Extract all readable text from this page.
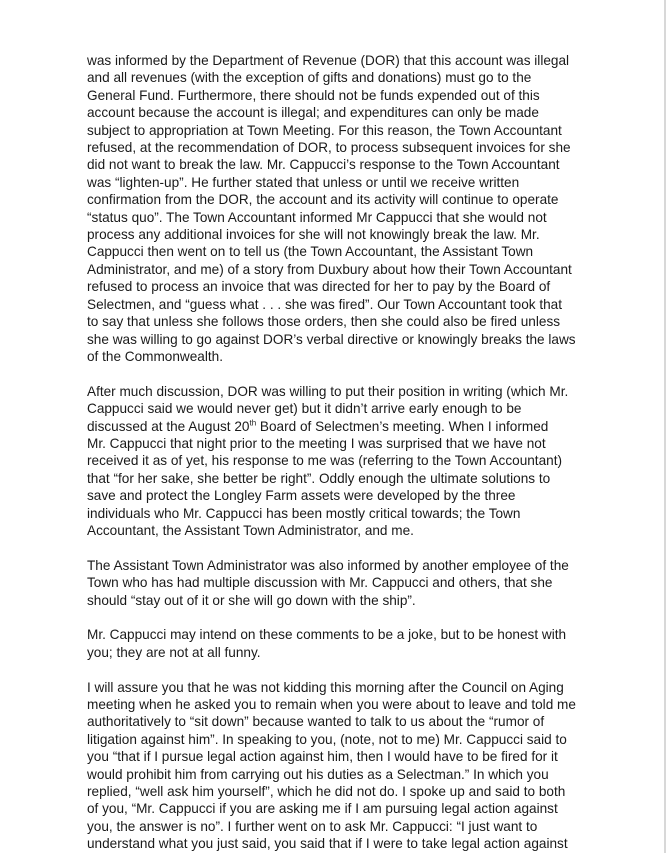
was informed by the Department of Revenue (DOR) that this account was illegal
and all revenues (with the exception of gifts and donations) must go to the
General Fund. Furthermore, there should not be funds expended out of this
account because the account is illegal; and expenditures can only be made
subject to appropriation at Town Meeting. For this reason, the Town Accountant
refused, at the recommendation of DOR, to process subsequent invoices for she
did not want to break the law. Mr. Cappucci’s response to the Town Accountant
was “lighten-up”. He further stated that unless or until we receive written
confirmation from the DOR, the account and its activity will continue to operate
“status quo”. The Town Accountant informed Mr Cappucci that she would not
process any additional invoices for she will not knowingly break the law. Mr.
Cappucci then went on to tell us (the Town Accountant, the Assistant Town
Administrator, and me) of a story from Duxbury about how their Town Accountant
refused to process an invoice that was directed for her to pay by the Board of
Selectmen, and “guess what . . . she was fired”. Our Town Accountant took that
to say that unless she follows those orders, then she could also be fired unless
she was willing to go against DOR’s verbal directive or knowingly breaks the laws
of the Commonwealth.

After much discussion, DOR was willing to put their position in writing (which Mr.
Cappucci said we would never get) but it didn’t arrive early enough to be
discussed at the August 20th Board of Selectmen’s meeting. When I informed
Mr. Cappucci that night prior to the meeting I was surprised that we have not
received it as of yet, his response to me was (referring to the Town Accountant)
that “for her sake, she better be right”. Oddly enough the ultimate solutions to
save and protect the Longley Farm assets were developed by the three
individuals who Mr. Cappucci has been mostly critical towards; the Town
Accountant, the Assistant Town Administrator, and me.

The Assistant Town Administrator was also informed by another employee of the
Town who has had multiple discussion with Mr. Cappucci and others, that she
should “stay out of it or she will go down with the ship”.

Mr. Cappucci may intend on these comments to be a joke, but to be honest with
you; they are not at all funny.

I will assure you that he was not kidding this morning after the Council on Aging
meeting when he asked you to remain when you were about to leave and told me
authoritatively to “sit down” because wanted to talk to us about the “rumor of
litigation against him”. In speaking to you, (note, not to me) Mr. Cappucci said to
you “that if I pursue legal action against him, then I would have to be fired for it
would prohibit him from carrying out his duties as a Selectman.” In which you
replied, “well ask him yourself”, which he did not do. I spoke up and said to both
of you, “Mr. Cappucci if you are asking me if I am pursuing legal action against
you, the answer is no”. I further went on to ask Mr. Cappucci: “I just want to
understand what you just said, you said that if I were to take legal action against
